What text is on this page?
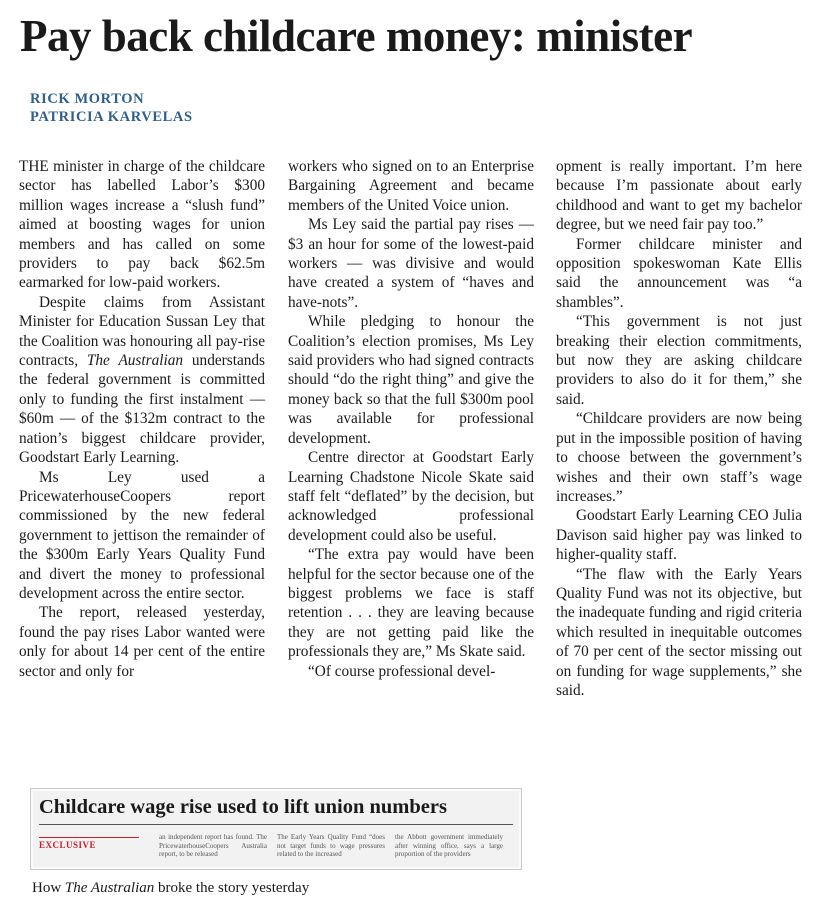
Pay back childcare money: minister
RICK MORTON
PATRICIA KARVELAS

THE minister in charge of the childcare sector has labelled Labor’s $300 million wages increase a “slush fund” aimed at boosting wages for union members and has called on some providers to pay back $62.5m earmarked for low-paid workers.

Despite claims from Assistant Minister for Education Sussan Ley that the Coalition was honouring all pay-rise contracts, The Australian understands the federal government is committed only to funding the first instalment — $60m — of the $132m contract to the nation’s biggest childcare provider, Goodstart Early Learning.

Ms Ley used a PricewaterhouseCoopers report commissioned by the new federal government to jettison the remainder of the $300m Early Years Quality Fund and divert the money to professional development across the entire sector.

The report, released yesterday, found the pay rises Labor wanted were only for about 14 per cent of the entire sector and only for

workers who signed on to an Enterprise Bargaining Agreement and became members of the United Voice union.

Ms Ley said the partial pay rises — $3 an hour for some of the lowest-paid workers — was divisive and would have created a system of “haves and have-nots”.

While pledging to honour the Coalition’s election promises, Ms Ley said providers who had signed contracts should “do the right thing” and give the money back so that the full $300m pool was available for professional development.

Centre director at Goodstart Early Learning Chadstone Nicole Skate said staff felt “deflated” by the decision, but acknowledged professional development could also be useful.

“The extra pay would have been helpful for the sector because one of the biggest problems we face is staff retention . . . they are leaving because they are not getting paid like the professionals they are,” Ms Skate said.

“Of course professional devel-

opment is really important. I’m here because I’m passionate about early childhood and want to get my bachelor degree, but we need fair pay too.”

Former childcare minister and opposition spokeswoman Kate Ellis said the announcement was “a shambles”.

“This government is not just breaking their election commitments, but now they are asking childcare providers to also do it for them,” she said.

“Childcare providers are now being put in the impossible position of having to choose between the government’s wishes and their own staff’s wage increases.”

Goodstart Early Learning CEO Julia Davison said higher pay was linked to higher-quality staff.

“The flaw with the Early Years Quality Fund was not its objective, but the inadequate funding and rigid criteria which resulted in inequitable outcomes of 70 per cent of the sector missing out on funding for wage supplements,” she said.

Childcare wage rise used to lift union numbers
EXCLUSIVE
an independent report has found. The PricewaterhouseCoopers Australia report, to be released
The Early Years Quality Fund “does not target funds to wage pressures related to the increased
the Abbott government immediately after winning office, says a large proportion of the providers
How The Australian broke the story yesterday
